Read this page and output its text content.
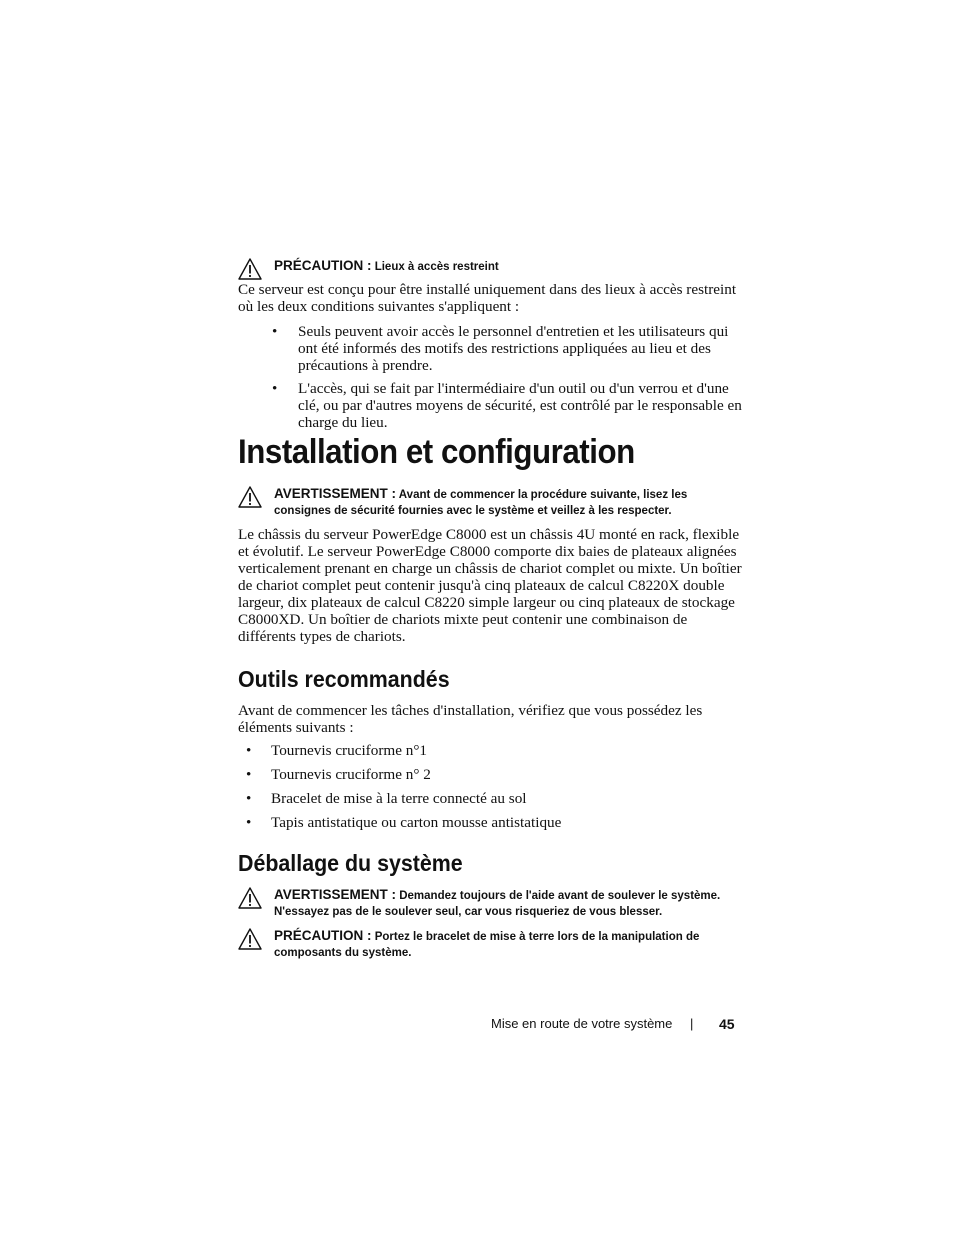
PRÉCAUTION : Lieux à accès restreint

Ce serveur est conçu pour être installé uniquement dans des lieux à accès restreint où les deux conditions suivantes s'appliquent :

• Seuls peuvent avoir accès le personnel d'entretien et les utilisateurs qui ont été informés des motifs des restrictions appliquées au lieu et des précautions à prendre.
• L'accès, qui se fait par l'intermédiaire d'un outil ou d'un verrou et d'une clé, ou par d'autres moyens de sécurité, est contrôlé par le responsable en charge du lieu.
Installation et configuration
AVERTISSEMENT : Avant de commencer la procédure suivante, lisez les consignes de sécurité fournies avec le système et veillez à les respecter.

Le châssis du serveur PowerEdge C8000 est un châssis 4U monté en rack, flexible et évolutif. Le serveur PowerEdge C8000 comporte dix baies de plateaux alignées verticalement prenant en charge un châssis de chariot complet ou mixte. Un boîtier de chariot complet peut contenir jusqu'à cinq plateaux de calcul C8220X double largeur, dix plateaux de calcul C8220 simple largeur ou cinq plateaux de stockage C8000XD. Un boîtier de chariots mixte peut contenir une combinaison de différents types de chariots.

Outils recommandés

Avant de commencer les tâches d'installation, vérifiez que vous possédez les éléments suivants :

• Tournevis cruciforme n°1
• Tournevis cruciforme n° 2
• Bracelet de mise à la terre connecté au sol
• Tapis antistatique ou carton mousse antistatique
Déballage du système
AVERTISSEMENT : Demandez toujours de l'aide avant de soulever le système. N'essayez pas de le soulever seul, car vous risqueriez de vous blesser.
PRÉCAUTION : Portez le bracelet de mise à terre lors de la manipulation de composants du système.
Mise en route de votre système | 45
